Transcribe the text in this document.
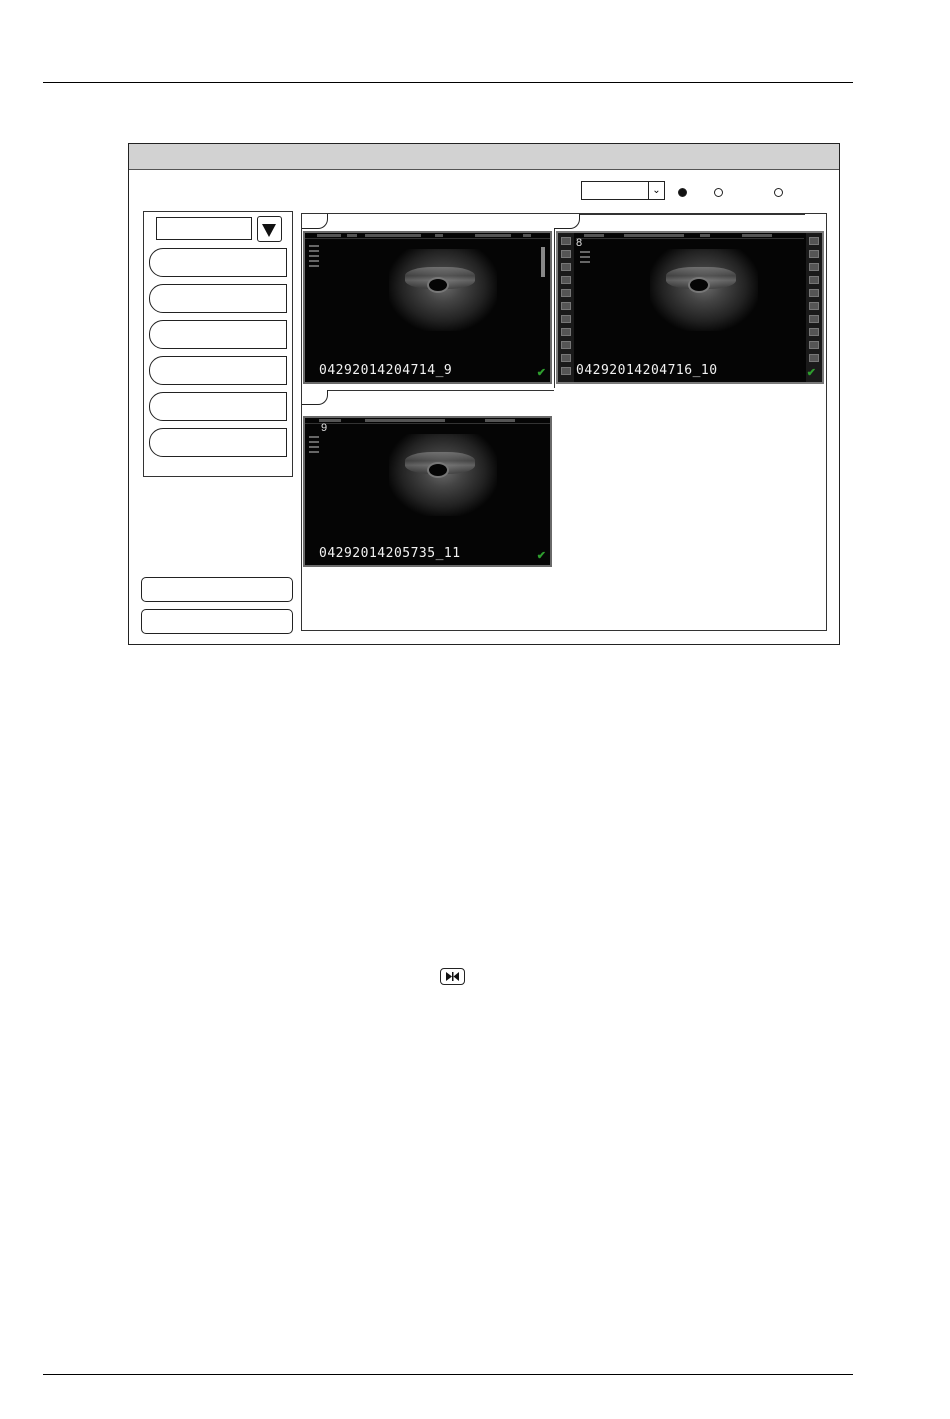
⌄
04292014204714_9	✔
8
04292014204716_10	✔
9
04292014205735_11	✔
